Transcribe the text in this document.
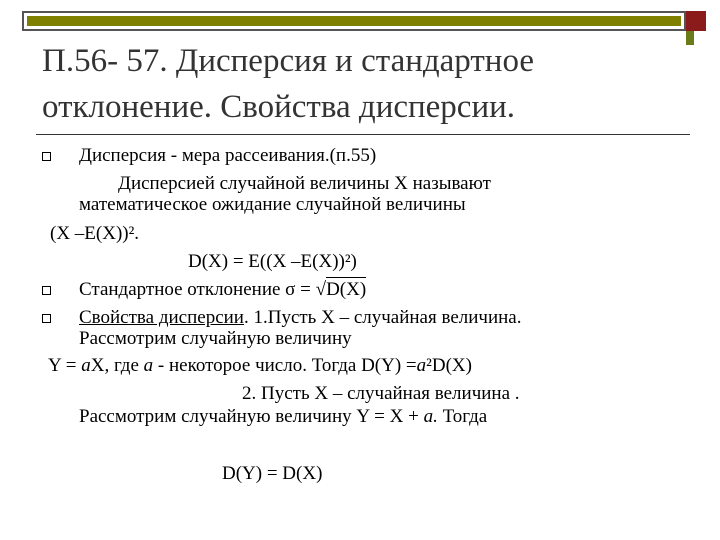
П.56- 57. Дисперсия и стандартное
отклонение. Свойства дисперсии.
Дисперсия - мера рассеивания.(п.55)
Дисперсией случайной величины X называют
математическое ожидание случайной величины
(X –E(X))².
D(X) = E((X –E(X))²)
Стандартное отклонение σ = √D(X)
Свойства дисперсии. 1.Пусть X – случайная величина.
Рассмотрим случайную величину
Y = aX, где a - некоторое число. Тогда D(Y) =a²D(X)
2. Пусть X – случайная величина .
Рассмотрим случайную величину Y = X + a. Тогда
D(Y) = D(X)
